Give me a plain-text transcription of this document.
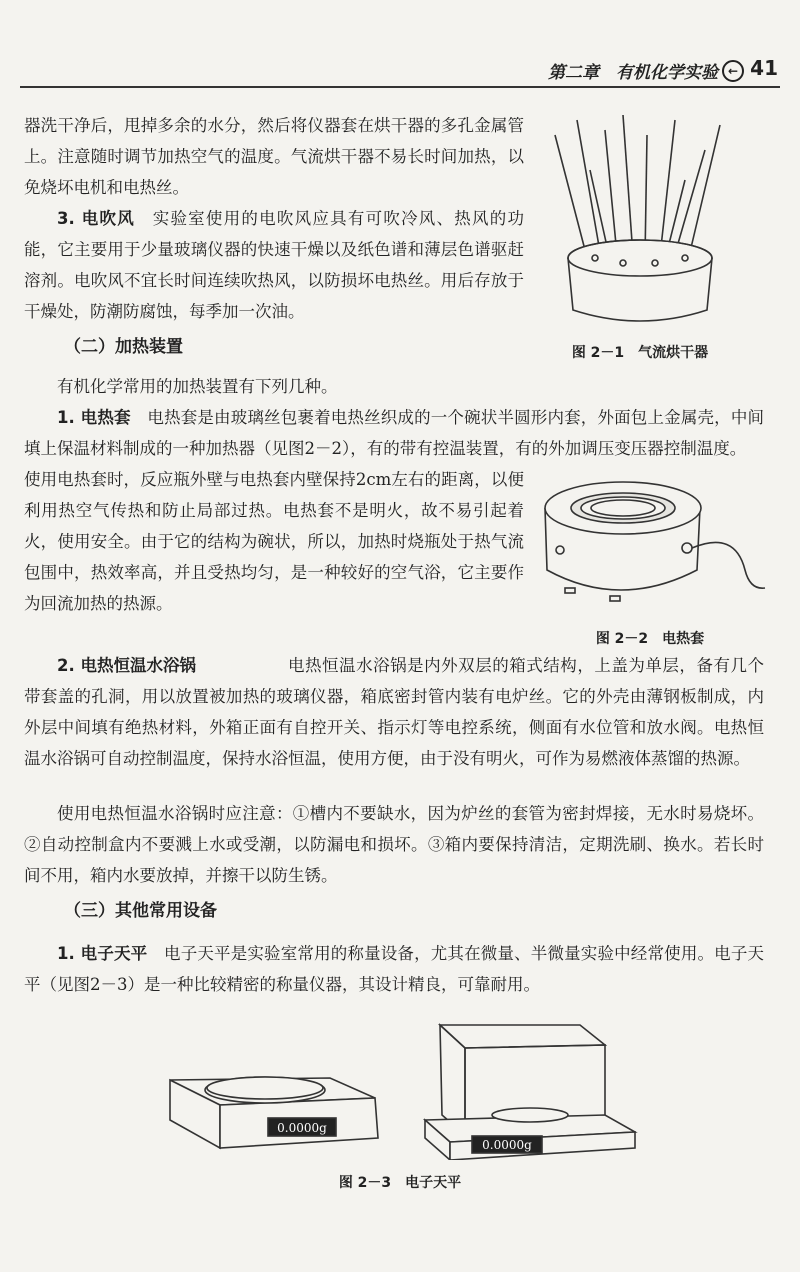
第二章　有机化学实验 ← 41

器洗干净后，甩掉多余的水分，然后将仪器套在烘干器的多孔金属管上。注意随时调节加热空气的温度。气流烘干器不易长时间加热，以免烧坏电机和电热丝。

3. 电吹风　 实验室使用的电吹风应具有可吹冷风、热风的功能，它主要用于少量玻璃仪器的快速干燥以及纸色谱和薄层色谱驱赶溶剂。电吹风不宜长时间连续吹热风，以防损坏电热丝。用后存放于干燥处，防潮防腐蚀，每季加一次油。

图 2－1　气流烘干器
（二）加热装置

有机化学常用的加热装置有下列几种。

1. 电热套　 电热套是由玻璃丝包裹着电热丝织成的一个碗状半圆形内套，外面包上金属壳，中间填上保温材料制成的一种加热器（见图2－2），有的带有控温装置，有的外加调压变压器控制温度。

使用电热套时，反应瓶外壁与电热套内壁保持2cm左右的距离，以便利用热空气传热和防止局部过热。电热套不是明火，故不易引起着火，使用安全。由于它的结构为碗状，所以，加热时烧瓶处于热气流包围中，热效率高，并且受热均匀，是一种较好的空气浴，它主要作为回流加热的热源。

图 2－2　电热套

2. 电热恒温水浴锅	电热恒温水浴锅是内外双层的箱式结构，上盖为单层，备有几个带套盖的孔洞，用以放置被加热的玻璃仪器，箱底密封管内装有电炉丝。它的外壳由薄钢板制成，内外层中间填有绝热材料，外箱正面有自控开关、指示灯等电控系统，侧面有水位管和放水阀。电热恒温水浴锅可自动控制温度，保持水浴恒温，使用方便，由于没有明火，可作为易燃液体蒸馏的热源。

使用电热恒温水浴锅时应注意：①槽内不要缺水，因为炉丝的套管为密封焊接，无水时易烧坏。②自动控制盒内不要溅上水或受潮，以防漏电和损坏。③箱内要保持清洁，定期洗刷、换水。若长时间不用，箱内水要放掉，并擦干以防生锈。

（三）其他常用设备

1. 电子天平　 电子天平是实验室常用的称量设备，尤其在微量、半微量实验中经常使用。电子天平（见图2－3）是一种比较精密的称量仪器，其设计精良，可靠耐用。

0.0000g
0.0000g
图 2－3　电子天平
